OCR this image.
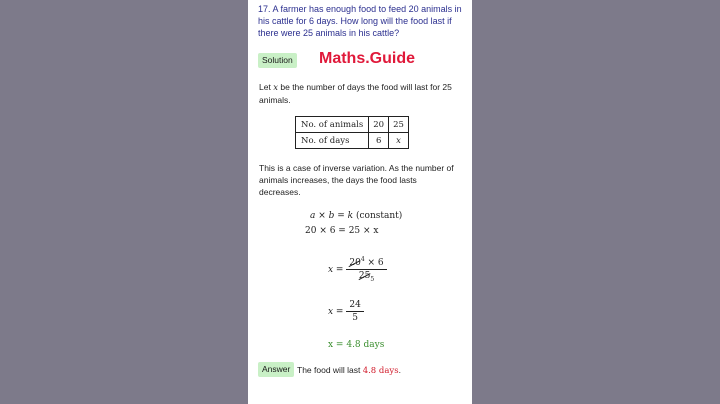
17. A farmer has enough food to feed 20 animals in his cattle for 6 days. How long will the food last if there were 25 animals in his cattle?
Solution Maths.Guide
Let x be the number of days the food will last for 25 animals.
No. of animals	20	25
No. of days	6	x
This is a case of inverse variation. As the number of animals increases, the days the food lasts decreases.
a × b = k (constant)
20 × 6 = 25 × x
$x = \frac{20^4 \times 6}{25_5}$
$x = \frac{24}{5}$
x = 4.8 days
Answer The food will last 4.8 days.
